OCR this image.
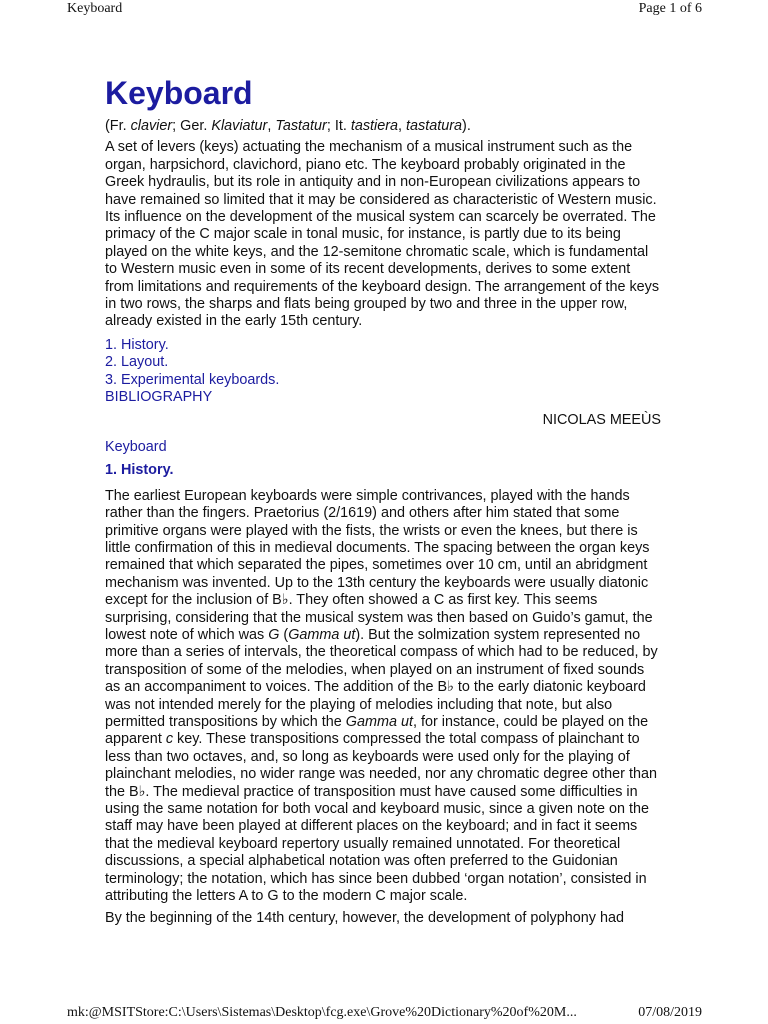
Keyboard	Page 1 of 6
Keyboard

(Fr. clavier; Ger. Klaviatur, Tastatur; It. tastiera, tastatura).

A set of levers (keys) actuating the mechanism of a musical instrument such as the organ, harpsichord, clavichord, piano etc. The keyboard probably originated in the Greek hydraulis, but its role in antiquity and in non-European civilizations appears to have remained so limited that it may be considered as characteristic of Western music. Its influence on the development of the musical system can scarcely be overrated. The primacy of the C major scale in tonal music, for instance, is partly due to its being played on the white keys, and the 12-semitone chromatic scale, which is fundamental to Western music even in some of its recent developments, derives to some extent from limitations and requirements of the keyboard design. The arrangement of the keys in two rows, the sharps and flats being grouped by two and three in the upper row, already existed in the early 15th century.

1. History.
2. Layout.
3. Experimental keyboards.
BIBLIOGRAPHY
NICOLAS MEEÙS
Keyboard
1. History.

The earliest European keyboards were simple contrivances, played with the hands rather than the fingers. Praetorius (2/1619) and others after him stated that some primitive organs were played with the fists, the wrists or even the knees, but there is little confirmation of this in medieval documents. The spacing between the organ keys remained that which separated the pipes, sometimes over 10 cm, until an abridgment mechanism was invented. Up to the 13th century the keyboards were usually diatonic except for the inclusion of B♭. They often showed a C as first key. This seems surprising, considering that the musical system was then based on Guido’s gamut, the lowest note of which was G (Gamma ut). But the solmization system represented no more than a series of intervals, the theoretical compass of which had to be reduced, by transposition of some of the melodies, when played on an instrument of fixed sounds as an accompaniment to voices. The addition of the B♭ to the early diatonic keyboard was not intended merely for the playing of melodies including that note, but also permitted transpositions by which the Gamma ut, for instance, could be played on the apparent c key. These transpositions compressed the total compass of plainchant to less than two octaves, and, so long as keyboards were used only for the playing of plainchant melodies, no wider range was needed, nor any chromatic degree other than the B♭. The medieval practice of transposition must have caused some difficulties in using the same notation for both vocal and keyboard music, since a given note on the staff may have been played at different places on the keyboard; and in fact it seems that the medieval keyboard repertory usually remained unnotated. For theoretical discussions, a special alphabetical notation was often preferred to the Guidonian terminology; the notation, which has since been dubbed ‘organ notation’, consisted in attributing the letters A to G to the modern C major scale.

By the beginning of the 14th century, however, the development of polyphony had

mk:@MSITStore:C:\Users\Sistemas\Desktop\fcg.exe\Grove%20Dictionary%20of%20M...	07/08/2019
